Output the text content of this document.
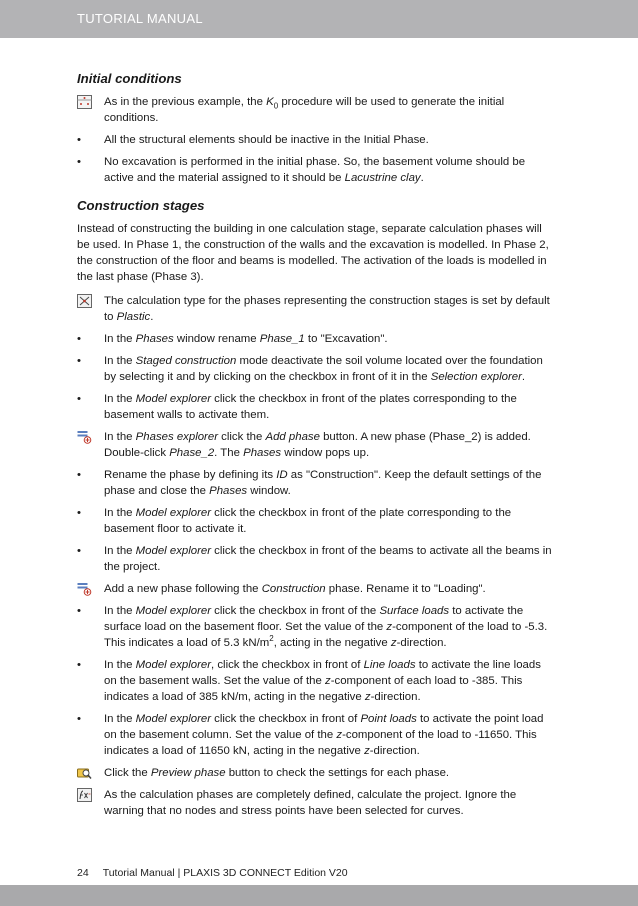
TUTORIAL MANUAL
Initial conditions
As in the previous example, the $K_0$ procedure will be used to generate the initial conditions.
• All the structural elements should be inactive in the Initial Phase.
• No excavation is performed in the initial phase. So, the basement volume should be active and the material assigned to it should be Lacustrine clay.
Construction stages

Instead of constructing the building in one calculation stage, separate calculation phases will be used. In Phase 1, the construction of the walls and the excavation is modelled. In Phase 2, the construction of the floor and beams is modelled. The activation of the loads is modelled in the last phase (Phase 3).

The calculation type for the phases representing the construction stages is set by default to Plastic.
• In the Phases window rename Phase_1 to "Excavation".
• In the Staged construction mode deactivate the soil volume located over the foundation by selecting it and by clicking on the checkbox in front of it in the Selection explorer.
• In the Model explorer click the checkbox in front of the plates corresponding to the basement walls to activate them.
In the Phases explorer click the Add phase button. A new phase (Phase_2) is added. Double-click Phase_2. The Phases window pops up.
• Rename the phase by defining its ID as "Construction". Keep the default settings of the phase and close the Phases window.
• In the Model explorer click the checkbox in front of the plate corresponding to the basement floor to activate it.
• In the Model explorer click the checkbox in front of the beams to activate all the beams in the project.
Add a new phase following the Construction phase. Rename it to "Loading".
• In the Model explorer click the checkbox in front of the Surface loads to activate the surface load on the basement floor. Set the value of the z-component of the load to -5.3. This indicates a load of 5.3 $kN/m^2$, acting in the negative z-direction.
• In the Model explorer, click the checkbox in front of Line loads to activate the line loads on the basement walls. Set the value of the z-component of each load to -385. This indicates a load of 385 kN/m, acting in the negative z-direction.
• In the Model explorer click the checkbox in front of Point loads to activate the point load on the basement column. Set the value of the z-component of the load to -11650. This indicates a load of 11650 kN, acting in the negative z-direction.
Click the Preview phase button to check the settings for each phase.
As the calculation phases are completely defined, calculate the project. Ignore the warning that no nodes and stress points have been selected for curves.
24 Tutorial Manual | PLAXIS 3D CONNECT Edition V20
